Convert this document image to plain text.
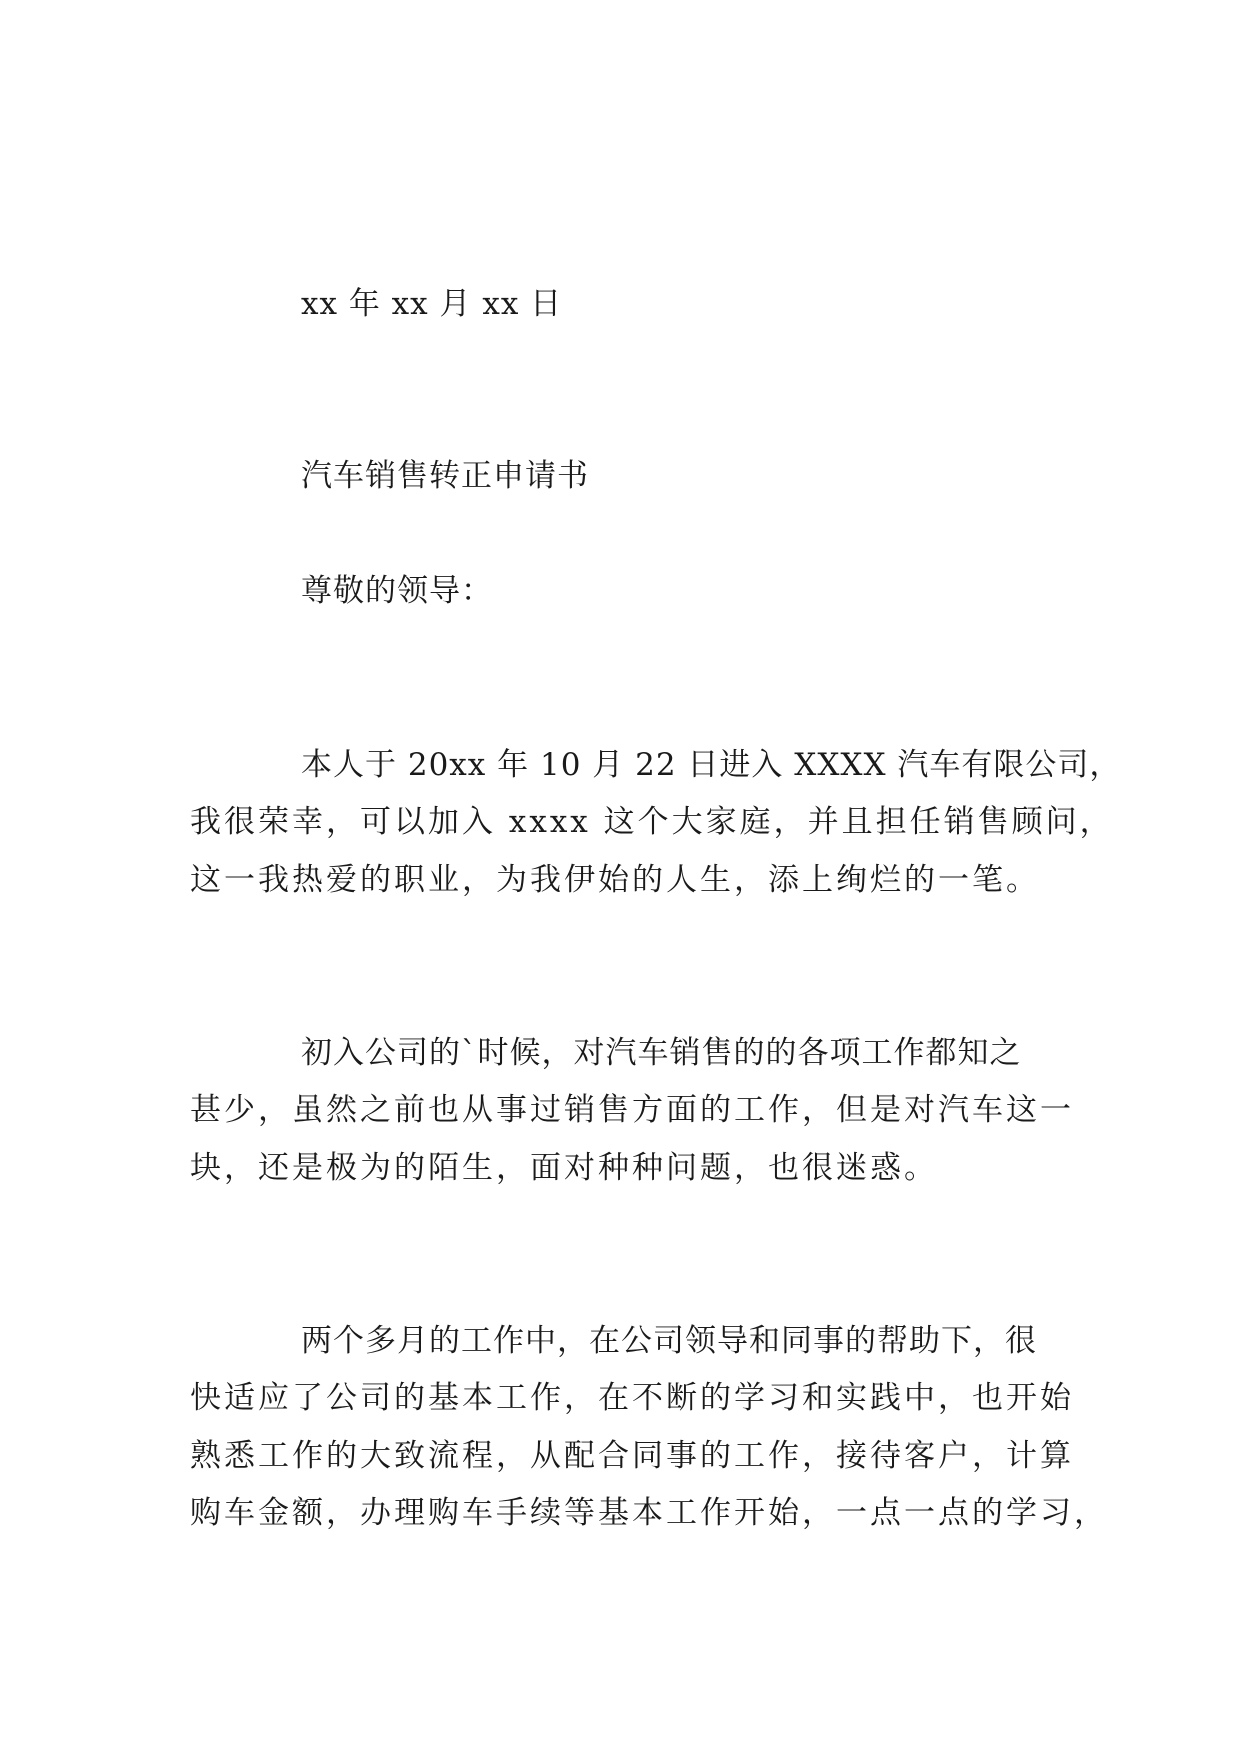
xx 年 xx 月 xx 日
汽车销售转正申请书
尊敬的领导：
本人于 20xx 年 10 月 22 日进入 XXXX 汽车有限公司，
我很荣幸，可以加入 xxxx 这个大家庭，并且担任销售顾问，
这一我热爱的职业，为我伊始的人生，添上绚烂的一笔。
初入公司的`时候，对汽车销售的的各项工作都知之
甚少，虽然之前也从事过销售方面的工作，但是对汽车这一
块，还是极为的陌生，面对种种问题，也很迷惑。
两个多月的工作中，在公司领导和同事的帮助下，很
快适应了公司的基本工作，在不断的学习和实践中，也开始
熟悉工作的大致流程，从配合同事的工作，接待客户，计算
购车金额，办理购车手续等基本工作开始，一点一点的学习，
